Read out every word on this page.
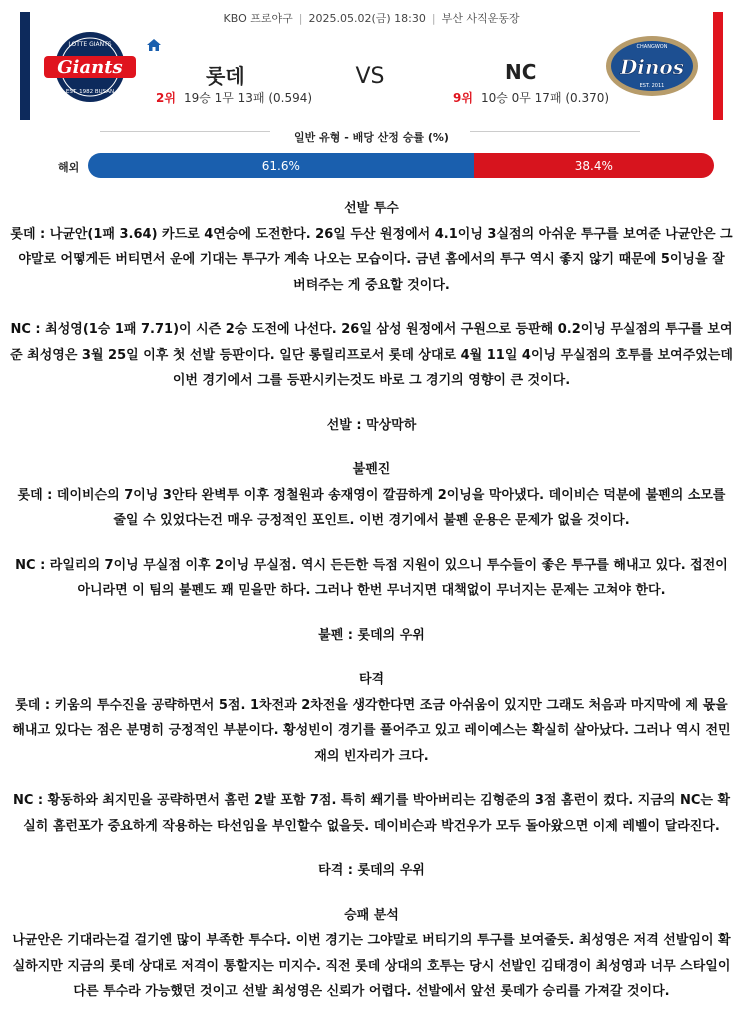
KBO 프로야구 | 2025.05.02(금) 18:30 | 부산 사직운동장
LOTTE GIANTS
Giants
EST. 1982 BUSAN
롯데	VS	NC
2위 19승 1무 13패 (0.594)	9위 10승 0무 17패 (0.370)
CHANGWON
Dinos
EST. 2011
일반 유형 - 배당 산정 승률 (%)
해외	61.6%	38.4%

선발 투수

롯데 : 나균안(1패 3.64) 카드로 4연승에 도전한다. 26일 두산 원정에서 4.1이닝 3실점의 아쉬운 투구를 보여준 나균안은 그야말로 어떻게든 버티면서 운에 기대는 투구가 계속 나오는 모습이다. 금년 홈에서의 투구 역시 좋지 않기 때문에 5이닝을 잘 버텨주는 게 중요할 것이다.

NC : 최성영(1승 1패 7.71)이 시즌 2승 도전에 나선다. 26일 삼성 원정에서 구원으로 등판해 0.2이닝 무실점의 투구를 보여준 최성영은 3월 25일 이후 첫 선발 등판이다. 일단 롱릴리프로서 롯데 상대로 4월 11일 4이닝 무실점의 호투를 보여주었는데 이번 경기에서 그를 등판시키는것도 바로 그 경기의 영향이 큰 것이다.

선발 : 막상막하

불펜진

롯데 : 데이비슨의 7이닝 3안타 완벽투 이후 정철원과 송재영이 깔끔하게 2이닝을 막아냈다. 데이비슨 덕분에 불펜의 소모를 줄일 수 있었다는건 매우 긍정적인 포인트. 이번 경기에서 불펜 운용은 문제가 없을 것이다.

NC : 라일리의 7이닝 무실점 이후 2이닝 무실점. 역시 든든한 득점 지원이 있으니 투수들이 좋은 투구를 해내고 있다. 접전이 아니라면 이 팀의 불펜도 꽤 믿을만 하다. 그러나 한번 무너지면 대책없이 무너지는 문제는 고쳐야 한다.

불펜 : 롯데의 우위

타격

롯데 : 키움의 투수진을 공략하면서 5점. 1차전과 2차전을 생각한다면 조금 아쉬움이 있지만 그래도 처음과 마지막에 제 몫을 해내고 있다는 점은 분명히 긍정적인 부분이다. 황성빈이 경기를 풀어주고 있고 레이예스는 확실히 살아났다. 그러나 역시 전민재의 빈자리가 크다.

NC : 황동하와 최지민을 공략하면서 홈런 2발 포함 7점. 특히 쐐기를 박아버리는 김형준의 3점 홈런이 컸다. 지금의 NC는 확실히 홈런포가 중요하게 작용하는 타선임을 부인할수 없을듯. 데이비슨과 박건우가 모두 돌아왔으면 이제 레벨이 달라진다.

타격 : 롯데의 우위

승패 분석

나균안은 기대라는걸 걸기엔 많이 부족한 투수다. 이번 경기는 그야말로 버티기의 투구를 보여줄듯. 최성영은 저격 선발임이 확실하지만 지금의 롯데 상대로 저격이 통할지는 미지수. 직전 롯데 상대의 호투는 당시 선발인 김태경이 최성영과 너무 스타일이 다른 투수라 가능했던 것이고 선발 최성영은 신뢰가 어렵다. 선발에서 앞선 롯데가 승리를 가져갈 것이다.
